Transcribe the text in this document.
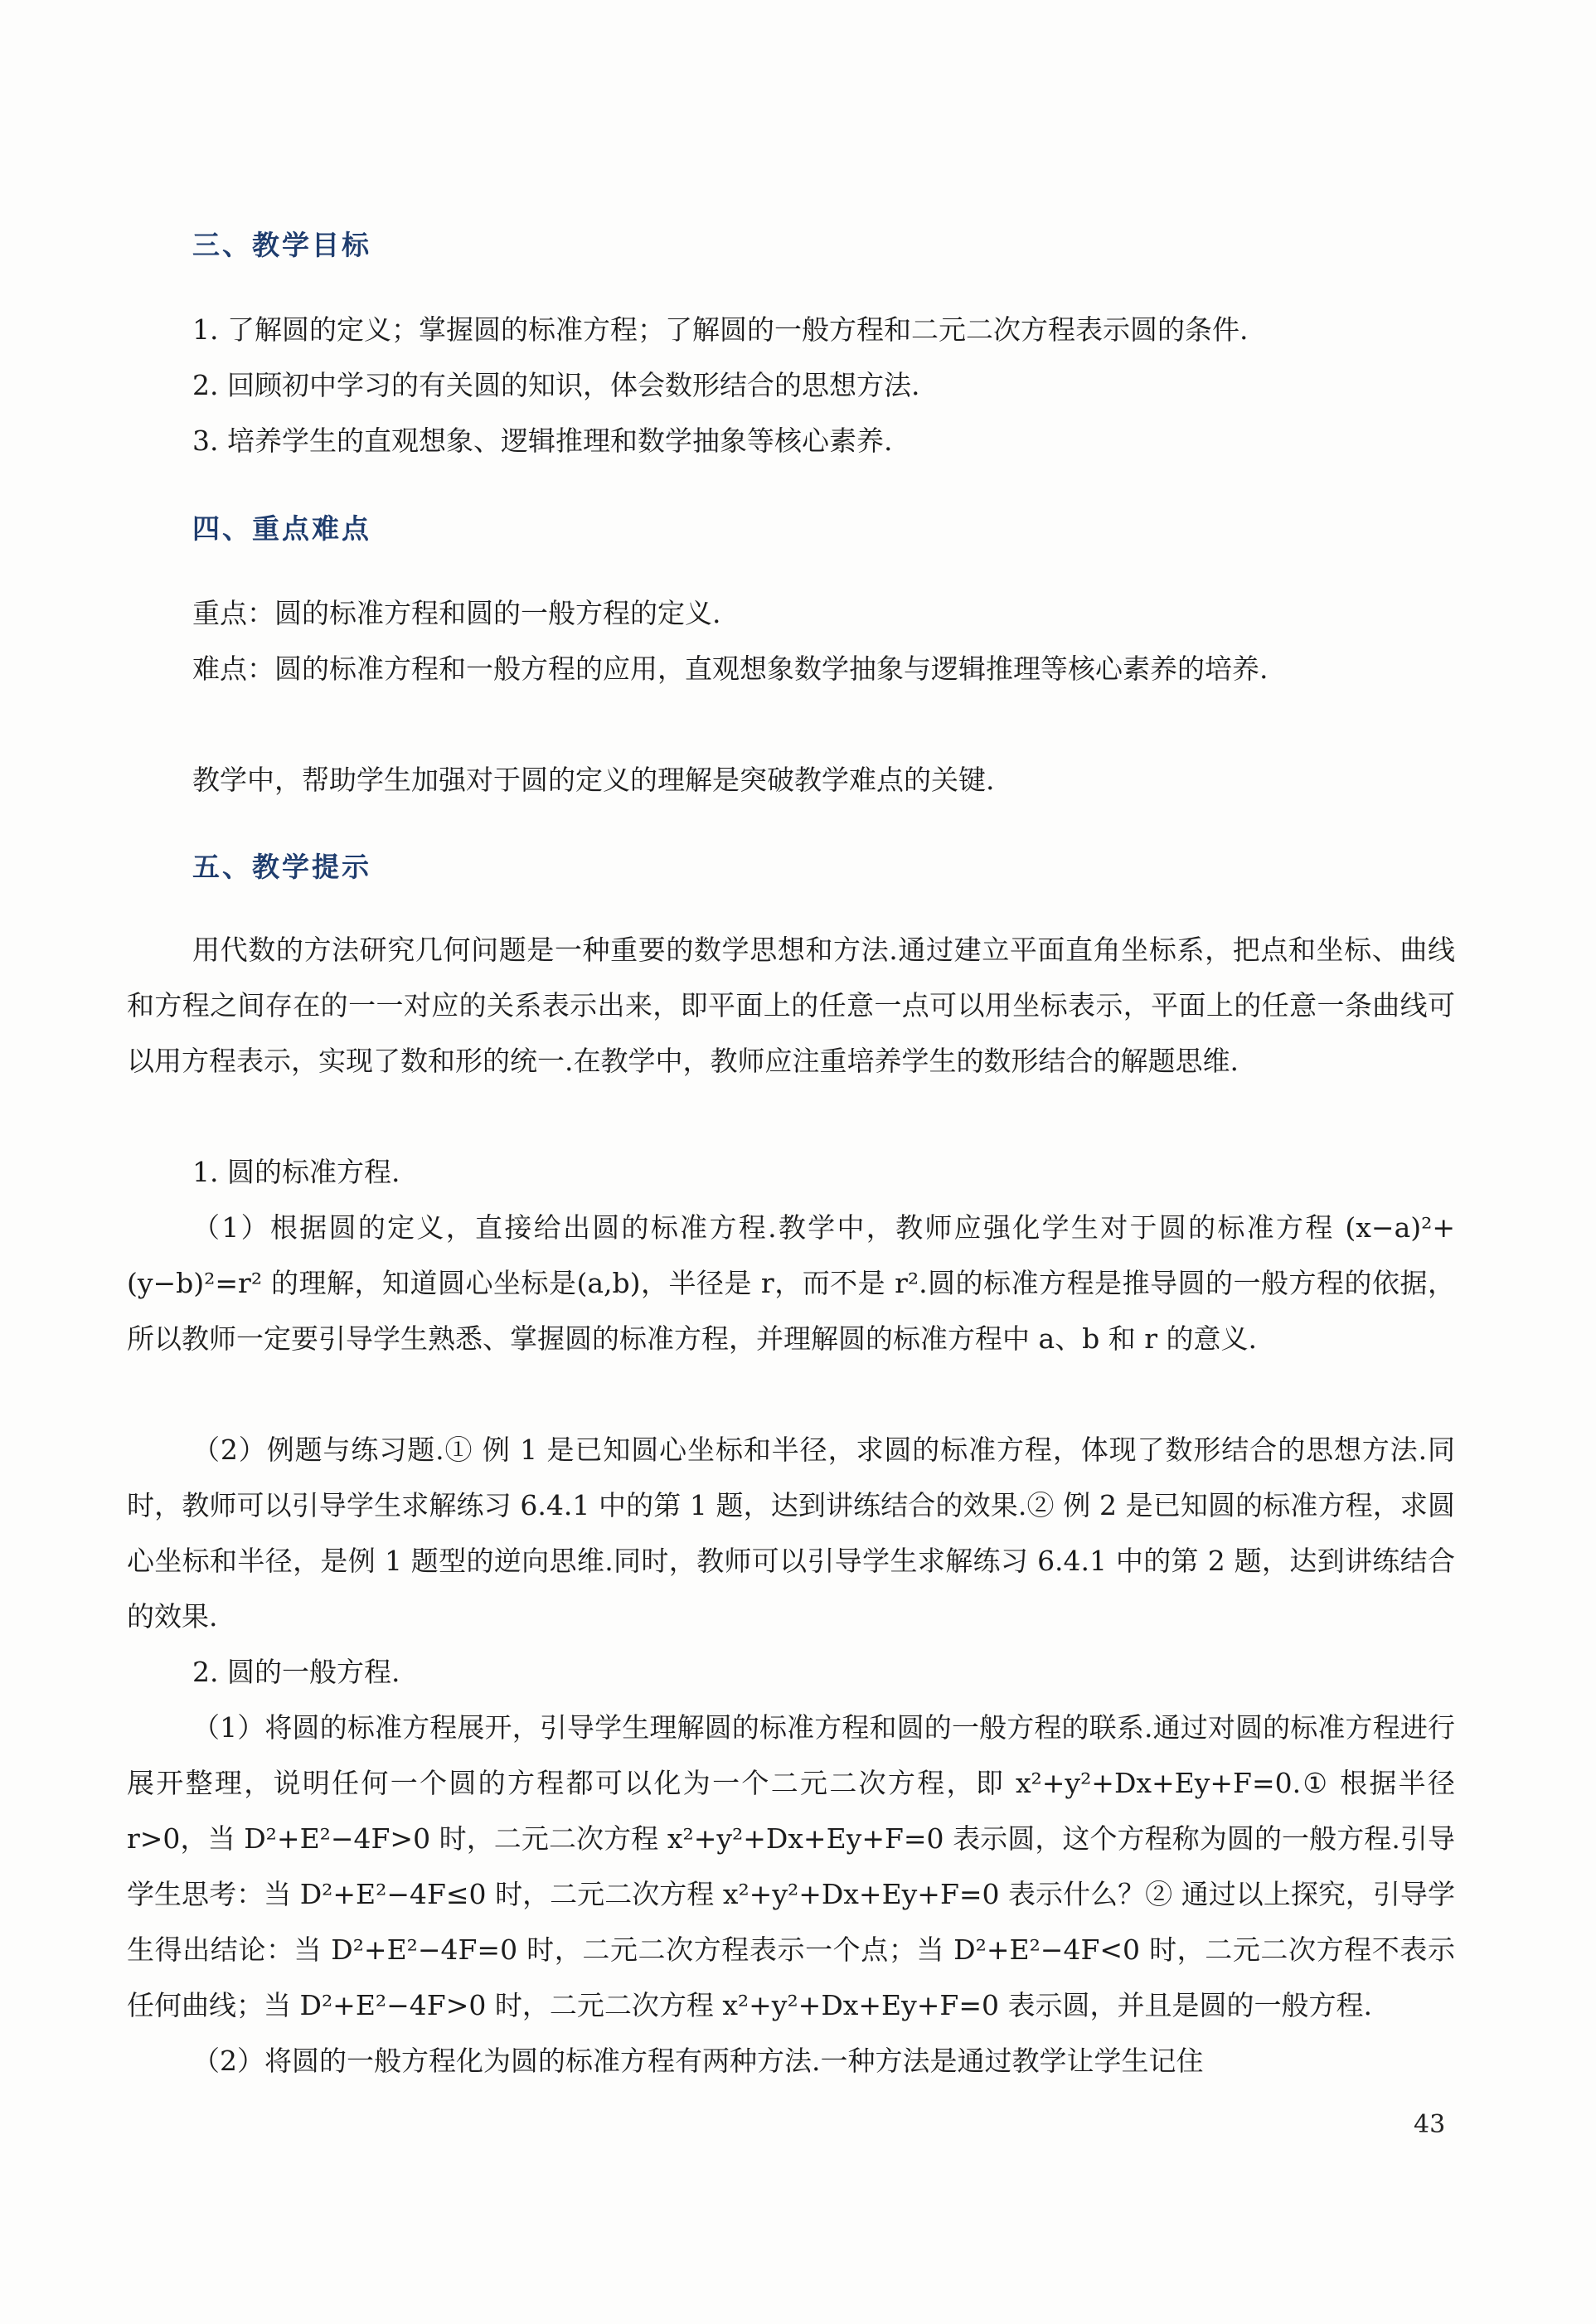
三、教学目标

1. 了解圆的定义；掌握圆的标准方程；了解圆的一般方程和二元二次方程表示圆的条件.

2. 回顾初中学习的有关圆的知识，体会数形结合的思想方法.

3. 培养学生的直观想象、逻辑推理和数学抽象等核心素养.

四、重点难点

重点：圆的标准方程和圆的一般方程的定义.

难点：圆的标准方程和一般方程的应用，直观想象数学抽象与逻辑推理等核心素养的培养.

教学中，帮助学生加强对于圆的定义的理解是突破教学难点的关键.

五、教学提示

用代数的方法研究几何问题是一种重要的数学思想和方法.通过建立平面直角坐标系，把点和坐标、曲线和方程之间存在的一一对应的关系表示出来，即平面上的任意一点可以用坐标表示，平面上的任意一条曲线可以用方程表示，实现了数和形的统一.在教学中，教师应注重培养学生的数形结合的解题思维.

1. 圆的标准方程.

（1）根据圆的定义，直接给出圆的标准方程.教学中，教师应强化学生对于圆的标准方程 (x−a)²+(y−b)²=r² 的理解，知道圆心坐标是(a,b)，半径是 r，而不是 r².圆的标准方程是推导圆的一般方程的依据，所以教师一定要引导学生熟悉、掌握圆的标准方程，并理解圆的标准方程中 a、b 和 r 的意义.

（2）例题与练习题.① 例 1 是已知圆心坐标和半径，求圆的标准方程，体现了数形结合的思想方法.同时，教师可以引导学生求解练习 6.4.1 中的第 1 题，达到讲练结合的效果.② 例 2 是已知圆的标准方程，求圆心坐标和半径，是例 1 题型的逆向思维.同时，教师可以引导学生求解练习 6.4.1 中的第 2 题，达到讲练结合的效果.

2. 圆的一般方程.

（1）将圆的标准方程展开，引导学生理解圆的标准方程和圆的一般方程的联系.通过对圆的标准方程进行展开整理，说明任何一个圆的方程都可以化为一个二元二次方程，即 x²+y²+Dx+Ey+F=0.① 根据半径 r>0，当 D²+E²−4F>0 时，二元二次方程 x²+y²+Dx+Ey+F=0 表示圆，这个方程称为圆的一般方程.引导学生思考：当 D²+E²−4F≤0 时，二元二次方程 x²+y²+Dx+Ey+F=0 表示什么？② 通过以上探究，引导学生得出结论：当 D²+E²−4F=0 时，二元二次方程表示一个点；当 D²+E²−4F<0 时，二元二次方程不表示任何曲线；当 D²+E²−4F>0 时，二元二次方程 x²+y²+Dx+Ey+F=0 表示圆，并且是圆的一般方程.

（2）将圆的一般方程化为圆的标准方程有两种方法.一种方法是通过教学让学生记住

43
